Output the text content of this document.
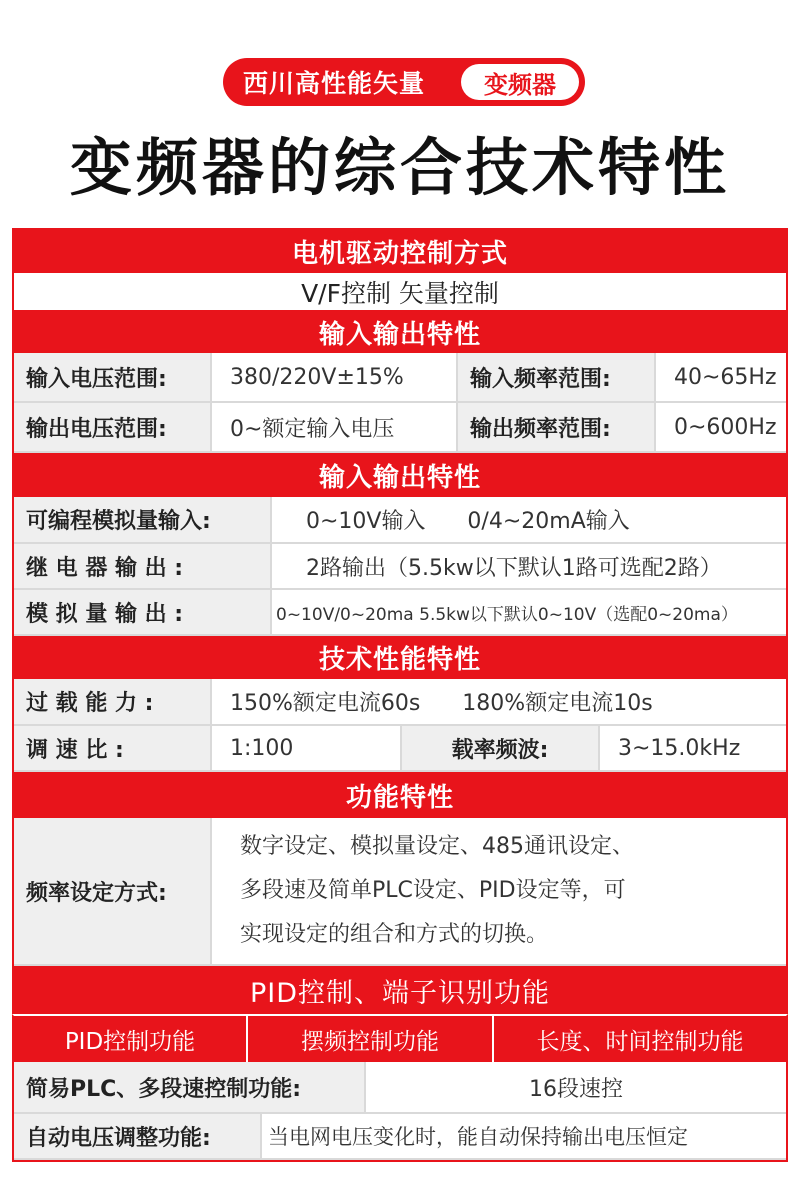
西川高性能矢量	变频器
变频器的综合技术特性
电机驱动控制方式
V/F控制 矢量控制
输入输出特性
输入电压范围:	380/220V±15%	输入频率范围:	40~65Hz
输出电压范围:	0~额定输入电压	输出频率范围:	0~600Hz
输入输出特性
可编程模拟量输入:	0~10V输入      0/4~20mA输入
继 电 器 输 出 :	2路输出（5.5kw以下默认1路可选配2路）
模 拟 量 输 出 :	0~10V/0~20ma 5.5kw以下默认0~10V（选配0~20ma）
技术性能特性
过 载 能 力 :	150%额定电流60s      180%额定电流10s
调 速 比 :	1:100	载率频波:	3~15.0kHz
功能特性
频率设定方式:
数字设定、模拟量设定、485通讯设定、
多段速及简单PLC设定、PID设定等，可
实现设定的组合和方式的切换。
PID控制、端子识别功能
PID控制功能	摆频控制功能	长度、时间控制功能
简易PLC、多段速控制功能:	16段速控
自动电压调整功能:	当电网电压变化时，能自动保持输出电压恒定
